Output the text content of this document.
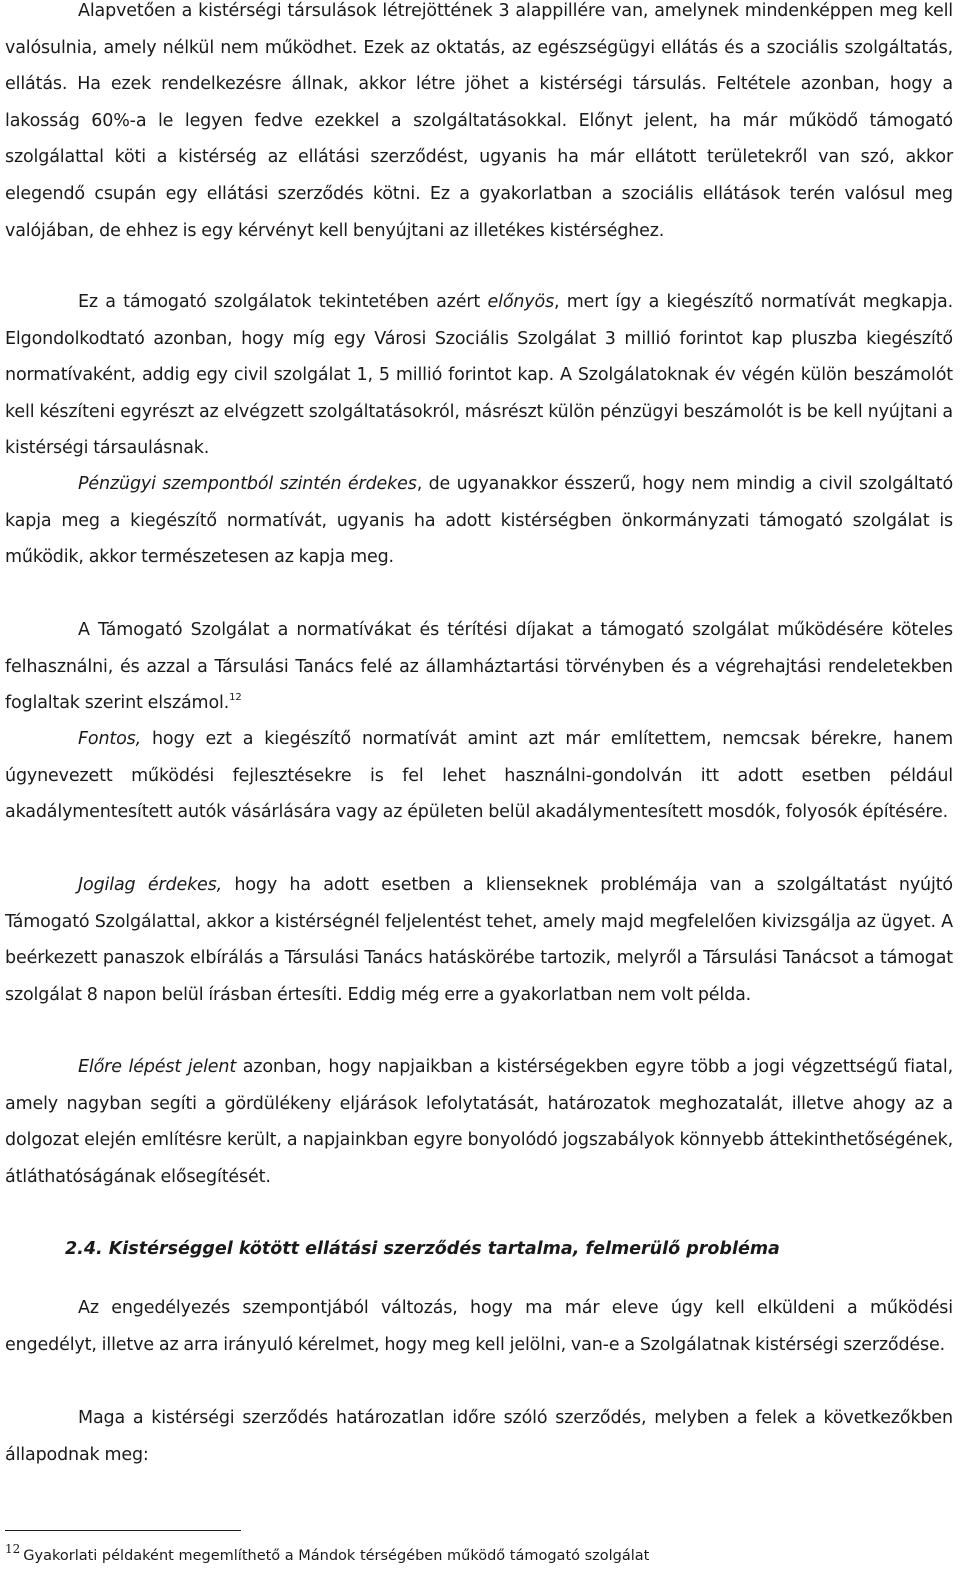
Alapvetően a kistérségi társulások létrejöttének 3 alappillére van, amelynek mindenképpen meg kell valósulnia, amely nélkül nem működhet. Ezek az oktatás, az egészségügyi ellátás és a szociális szolgáltatás, ellátás. Ha ezek rendelkezésre állnak, akkor létre jöhet a kistérségi társulás. Feltétele azonban, hogy a lakosság 60%-a le legyen fedve ezekkel a szolgáltatásokkal. Előnyt jelent, ha már működő támogató szolgálattal köti a kistérség az ellátási szerződést, ugyanis ha már ellátott területekről van szó, akkor elegendő csupán egy ellátási szerződés kötni. Ez a gyakorlatban a szociális ellátások terén valósul meg valójában, de ehhez is egy kérvényt kell benyújtani az illetékes kistérséghez.

Ez a támogató szolgálatok tekintetében azért előnyös, mert így a kiegészítő normatívát megkapja. Elgondolkodtató azonban, hogy míg egy Városi Szociális Szolgálat 3 millió forintot kap pluszba kiegészítő normatívaként, addig egy civil szolgálat 1, 5 millió forintot kap. A Szolgálatoknak év végén külön beszámolót kell készíteni egyrészt az elvégzett szolgáltatásokról, másrészt külön pénzügyi beszámolót is be kell nyújtani a kistérségi társaulásnak.

Pénzügyi szempontból szintén érdekes, de ugyanakkor ésszerű, hogy nem mindig a civil szolgáltató kapja meg a kiegészítő normatívát, ugyanis ha adott kistérségben önkormányzati támogató szolgálat is működik, akkor természetesen az kapja meg.

A Támogató Szolgálat a normatívákat és térítési díjakat a támogató szolgálat működésére köteles felhasználni, és azzal a Társulási Tanács felé az államháztartási törvényben és a végrehajtási rendeletekben foglaltak szerint elszámol.$^{12}$

Fontos, hogy ezt a kiegészítő normatívát amint azt már említettem, nemcsak bérekre, hanem úgynevezett működési fejlesztésekre is fel lehet használni-gondolván itt adott esetben például akadálymentesített autók vásárlására vagy az épületen belül akadálymentesített mosdók, folyosók építésére.

Jogilag érdekes, hogy ha adott esetben a klienseknek problémája van a szolgáltatást nyújtó Támogató Szolgálattal, akkor a kistérségnél feljelentést tehet, amely majd megfelelően kivizsgálja az ügyet. A beérkezett panaszok elbírálás a Társulási Tanács hatáskörébe tartozik, melyről a Társulási Tanácsot a támogat szolgálat 8 napon belül írásban értesíti. Eddig még erre a gyakorlatban nem volt példa.

Előre lépést jelent azonban, hogy napjaikban a kistérségekben egyre több a jogi végzettségű fiatal, amely nagyban segíti a gördülékeny eljárások lefolytatását, határozatok meghozatalát, illetve ahogy az a dolgozat elején említésre került, a napjainkban egyre bonyolódó jogszabályok könnyebb áttekinthetőségének, átláthatóságának elősegítését.

2.4. Kistérséggel kötött ellátási szerződés tartalma, felmerülő probléma

Az engedélyezés szempontjából változás, hogy ma már eleve úgy kell elküldeni a működési engedélyt, illetve az arra irányuló kérelmet, hogy meg kell jelölni, van-e a Szolgálatnak kistérségi szerződése.

Maga a kistérségi szerződés határozatlan időre szóló szerződés, melyben a felek a következőkben állapodnak meg:

$^{12}$ Gyakorlati példaként megemlíthető a Mándok térségében működő támogató szolgálat
